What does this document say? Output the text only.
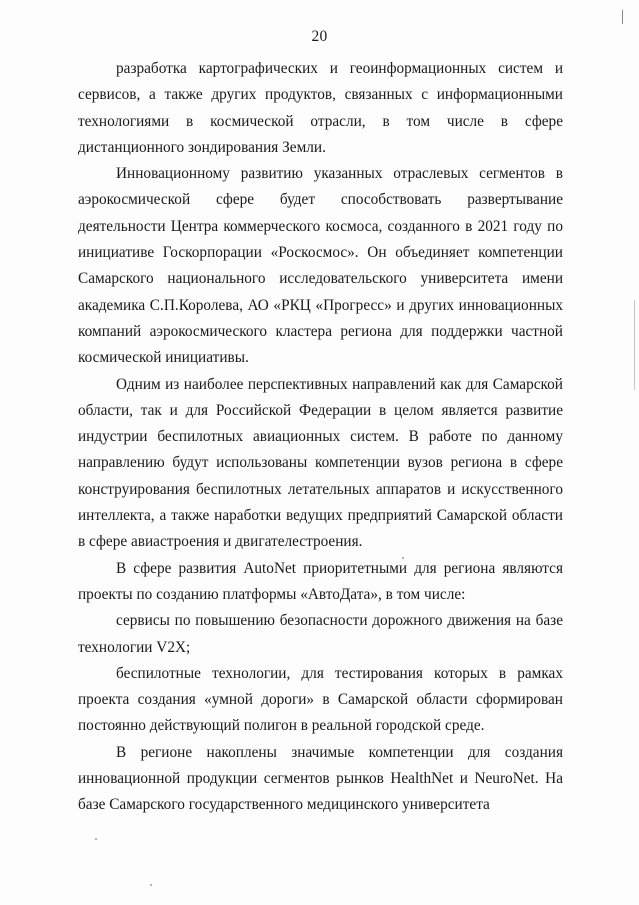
20

разработка картографических и геоинформационных систем и сервисов, а также других продуктов, связанных с информационными технологиями в космической отрасли, в том числе в сфере дистанционного зондирования Земли.

Инновационному развитию указанных отраслевых сегментов в аэрокосмической сфере будет способствовать развертывание деятельности Центра коммерческого космоса, созданного в 2021 году по инициативе Госкорпорации «Роскосмос». Он объединяет компетенции Самарского национального исследовательского университета имени академика С.П.Королева, АО «РКЦ «Прогресс» и других инновационных компаний аэрокосмического кластера региона для поддержки частной космической инициативы.

Одним из наиболее перспективных направлений как для Самарской области, так и для Российской Федерации в целом является развитие индустрии беспилотных авиационных систем. В работе по данному направлению будут использованы компетенции вузов региона в сфере конструирования беспилотных летательных аппаратов и искусственного интеллекта, а также наработки ведущих предприятий Самарской области в сфере авиастроения и двигателестроения.

В сфере развития AutoNet приоритетными для региона являются проекты по созданию платформы «АвтоДата», в том числе:

сервисы по повышению безопасности дорожного движения на базе технологии V2X;

беспилотные технологии, для тестирования которых в рамках проекта создания «умной дороги» в Самарской области сформирован постоянно действующий полигон в реальной городской среде.

В регионе накоплены значимые компетенции для создания инновационной продукции сегментов рынков HealthNet и NeuroNet. На базе Самарского государственного медицинского университета
